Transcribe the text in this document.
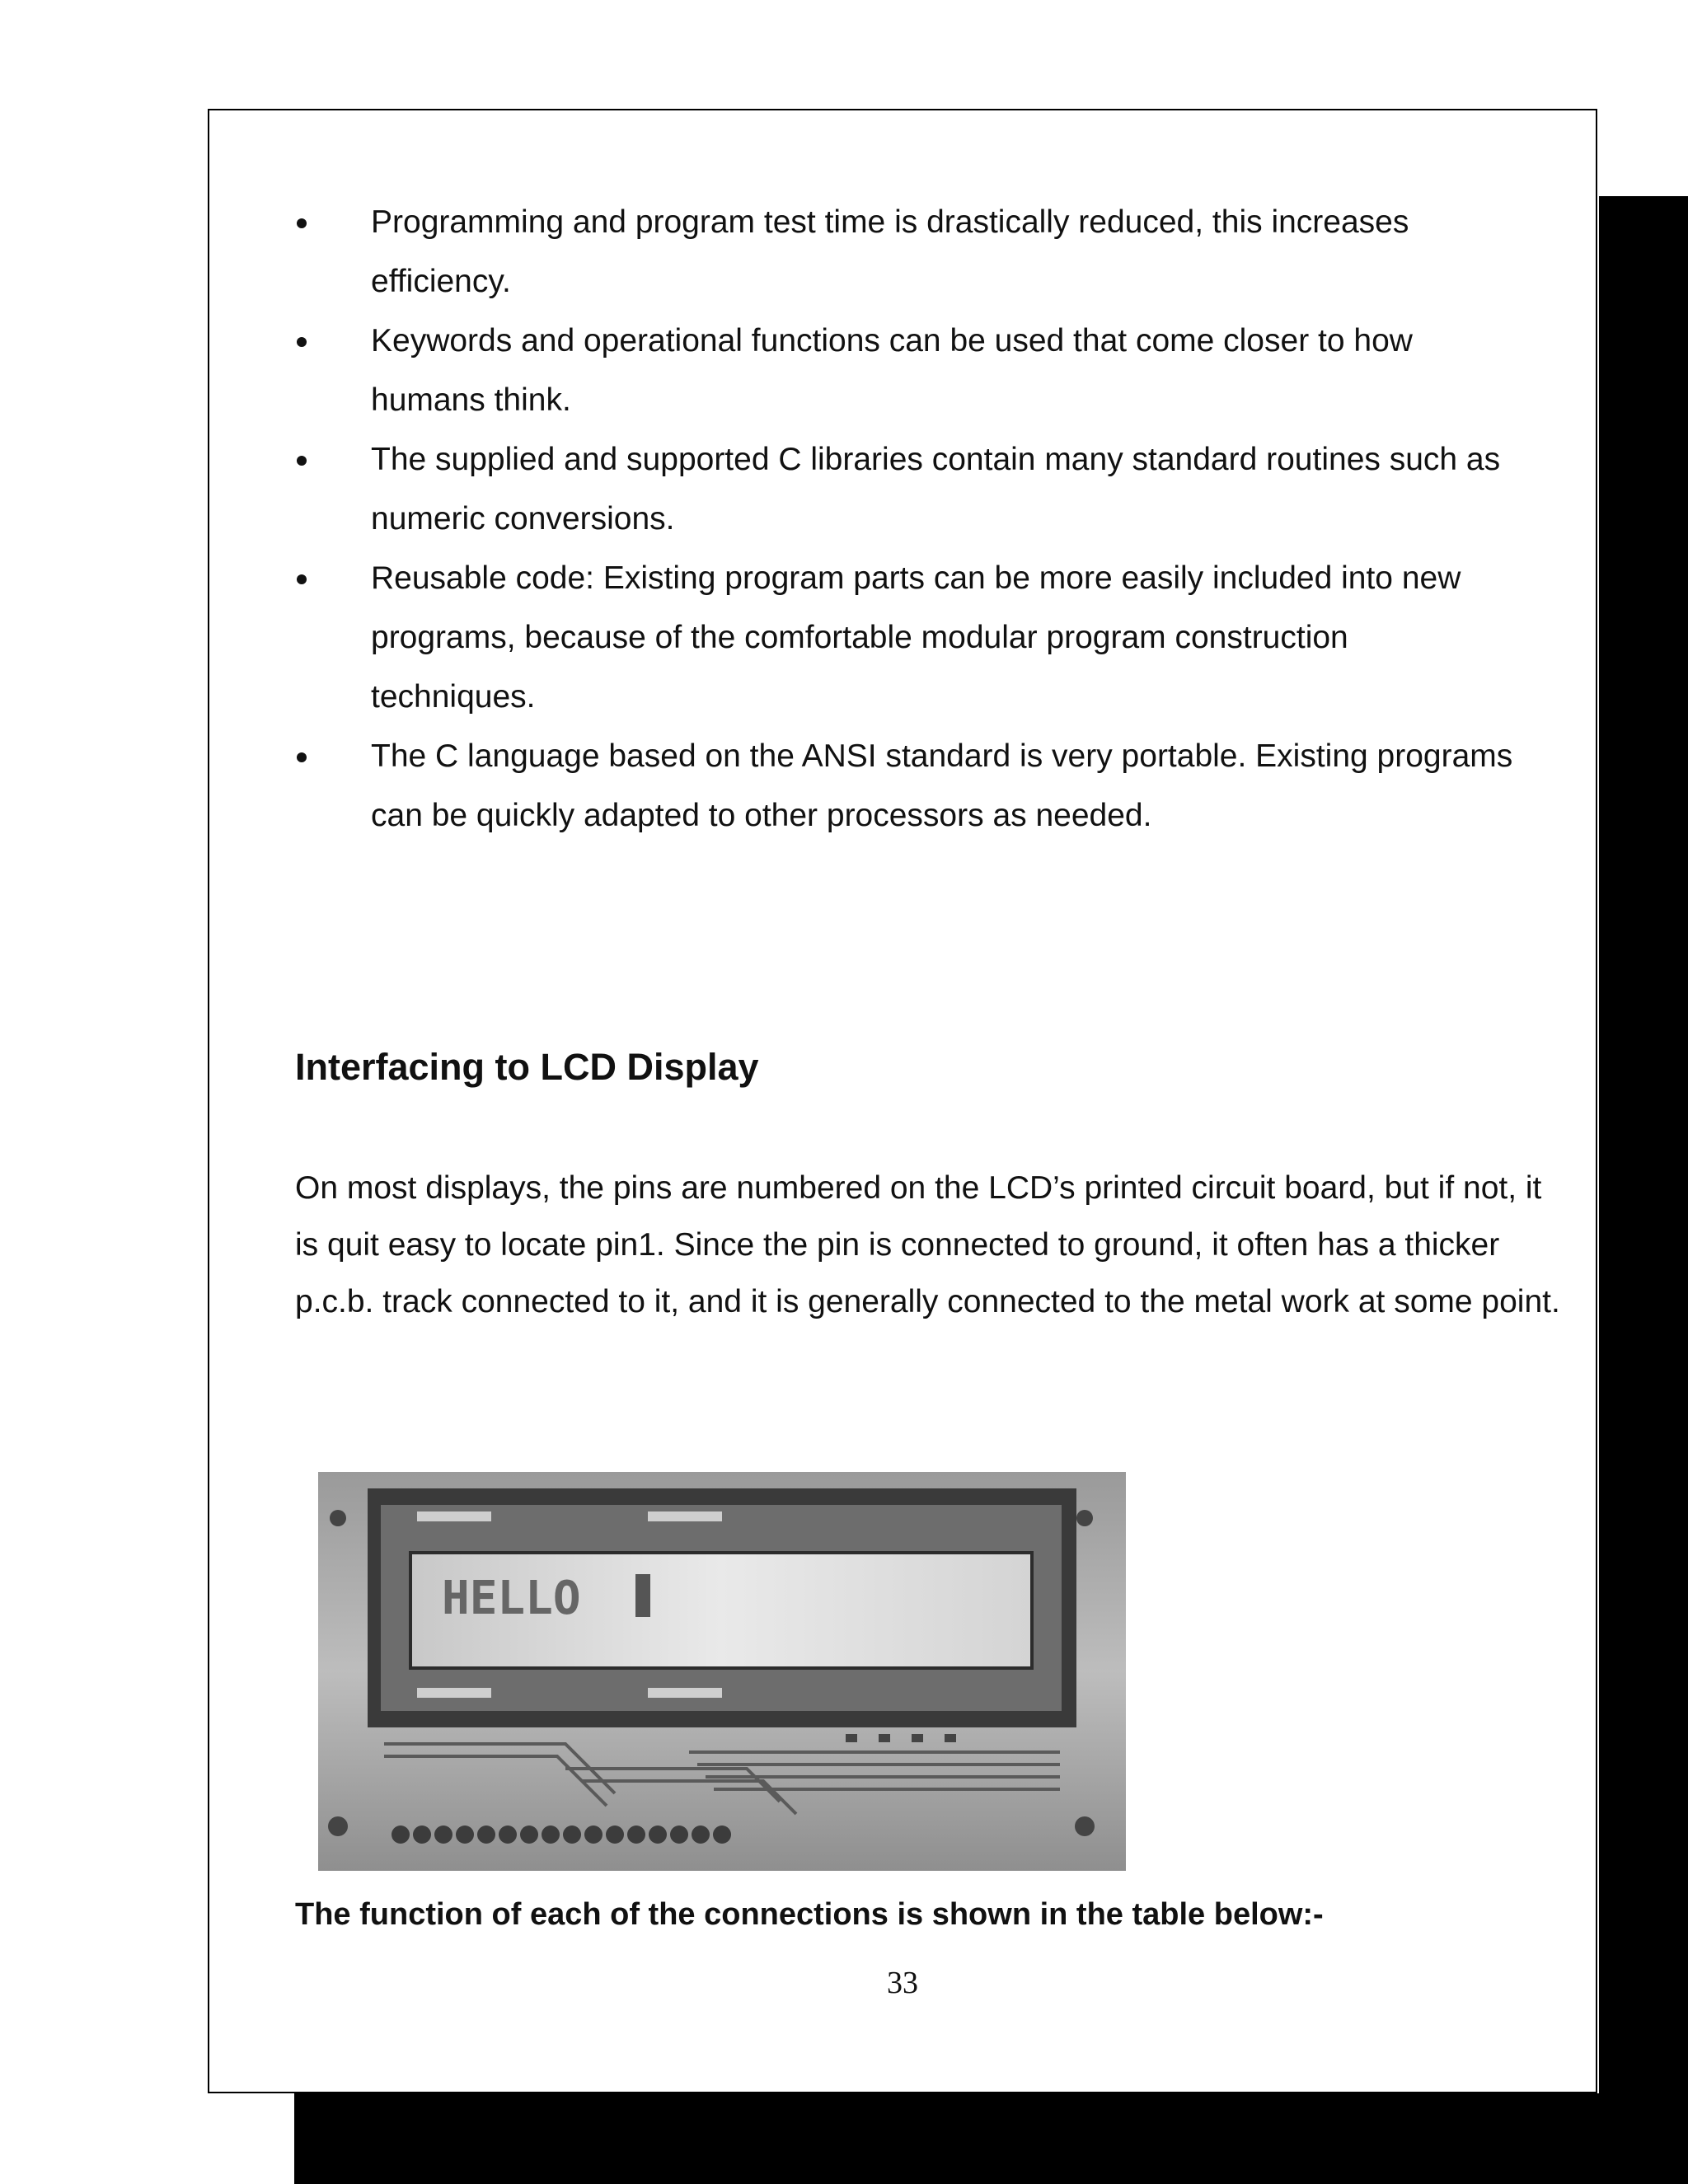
Programming and program test time is drastically reduced, this increases efficiency.
Keywords and operational functions can be used that come closer to how humans think.
The supplied and supported C libraries contain many standard routines such as numeric conversions.
Reusable code: Existing program parts can be more easily included into new programs, because of the comfortable modular program construction techniques.
The C language based on the ANSI standard is very portable. Existing programs can be quickly adapted to other processors as needed.
Interfacing to LCD Display

On most displays, the pins are numbered on the LCD’s printed circuit board, but if not, it is quit easy to locate pin1. Since the pin is connected to ground, it often has a thicker p.c.b. track connected to it, and it is generally connected to the metal work at some point.

HELLO

The function of each of the connections is shown in the table below:-

33
